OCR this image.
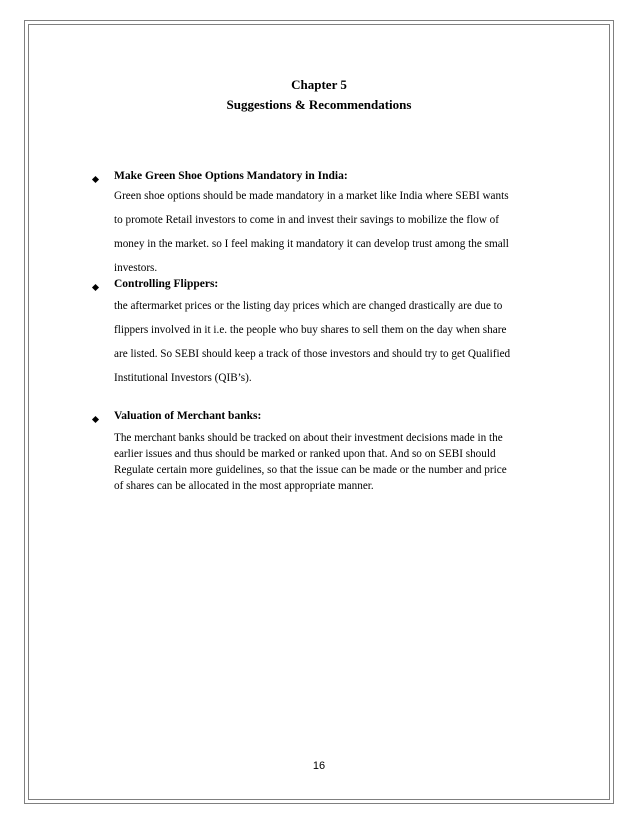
Chapter 5
Suggestions & Recommendations
Make Green Shoe Options Mandatory in India:
Green shoe options should be made mandatory in a market like India where SEBI wants
to promote Retail investors to come in and invest their savings to mobilize the flow of
money in the market. so I feel making it mandatory it can develop trust among the small
investors.
Controlling Flippers:
the aftermarket prices or the listing day prices which are changed drastically are due to
flippers involved in it i.e. the people who buy shares to sell them on the day when share
are listed. So SEBI should keep a track of those investors and should try to get Qualified
Institutional Investors (QIB’s).
Valuation of Merchant banks:
The merchant banks should be tracked on about their investment decisions made in the
earlier issues and thus should be marked or ranked upon that. And so on SEBI should
Regulate certain more guidelines, so that the issue can be made or the number and price
of shares can be allocated in the most appropriate manner.
16
